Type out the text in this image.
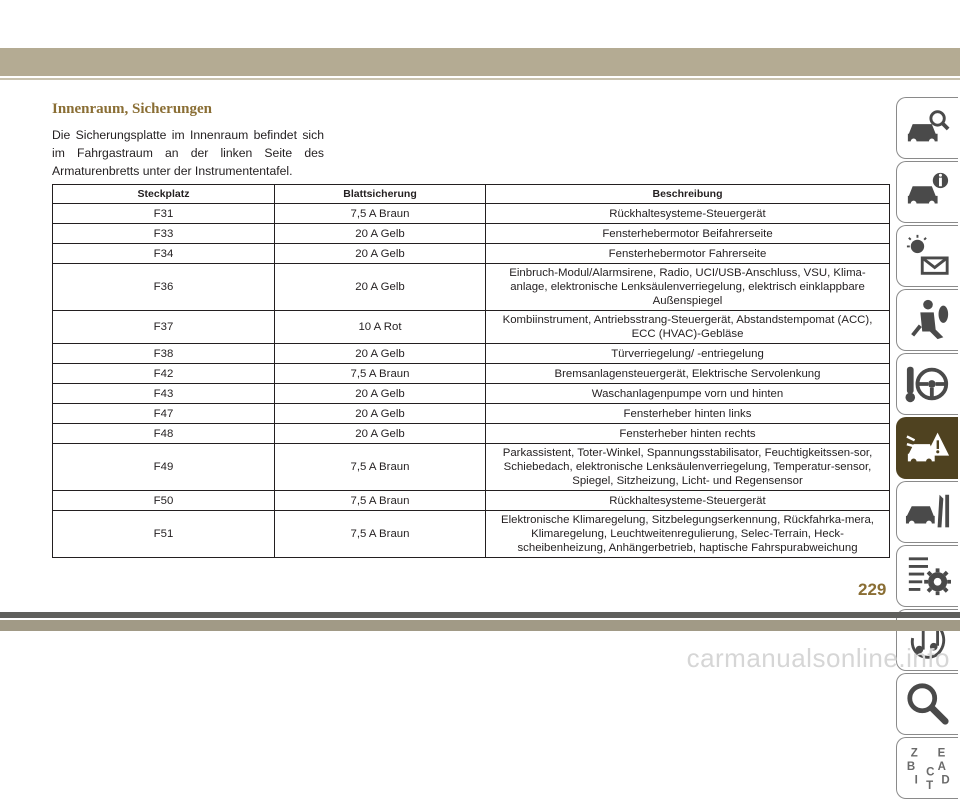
Innenraum, Sicherungen

Die Sicherungsplatte im Innenraum befindet sich im Fahrgastraum an der linken Seite des Armaturenbretts unter der Instrumententafel.

Steckplatz	Blattsicherung	Beschreibung
F31	7,5 A Braun	Rückhaltesysteme-Steuergerät
F33	20 A Gelb	Fensterhebermotor Beifahrerseite
F34	20 A Gelb	Fensterhebermotor Fahrerseite
F36	20 A Gelb	Einbruch-Modul/Alarmsirene, Radio, UCI/USB-Anschluss, VSU, Klima-anlage, elektronische Lenksäulenverriegelung, elektrisch einklappbare Außenspiegel
F37	10 A Rot	Kombiinstrument, Antriebsstrang-Steuergerät, Abstandstempomat (ACC), ECC (HVAC)-Gebläse
F38	20 A Gelb	Türverriegelung/ -entriegelung
F42	7,5 A Braun	Bremsanlagensteuergerät, Elektrische Servolenkung
F43	20 A Gelb	Waschanlagenpumpe vorn und hinten
F47	20 A Gelb	Fensterheber hinten links
F48	20 A Gelb	Fensterheber hinten rechts
F49	7,5 A Braun	Parkassistent, Toter-Winkel, Spannungsstabilisator, Feuchtigkeitssen-sor, Schiebedach, elektronische Lenksäulenverriegelung, Temperatur-sensor, Spiegel, Sitzheizung, Licht- und Regensensor
F50	7,5 A Braun	Rückhaltesysteme-Steuergerät
F51	7,5 A Braun	Elektronische Klimaregelung, Sitzbelegungserkennung, Rückfahrka-mera, Klimaregelung, Leuchtweitenregulierung, Selec-Terrain, Heck-scheibenheizung, Anhängerbetrieb, haptische Fahrspurabweichung
Z E
B A
I
C
D
T
229
carmanualsonline.info
